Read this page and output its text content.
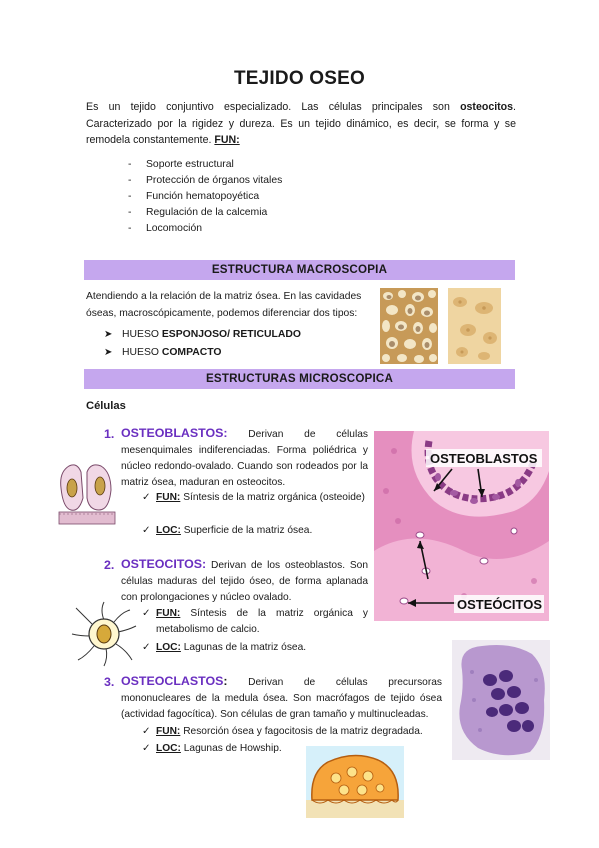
TEJIDO OSEO
Es un tejido conjuntivo especializado. Las células principales son osteocitos. Caracterizado por la rigidez y dureza. Es un tejido dinámico, es decir, se forma y se remodela constantemente. FUN:
- Soporte estructural
- Protección de órganos vitales
- Función hematopoyética
- Regulación de la calcemia
- Locomoción
ESTRUCTURA MACROSCOPIA
Atendiendo a la relación de la matriz ósea. En las cavidades óseas, macroscópicamente, podemos diferenciar dos tipos:
➤ HUESO ESPONJOSO/ RETICULADO
➤ HUESO COMPACTO
ESTRUCTURAS MICROSCOPICA
Células
1. OSTEOBLASTOS: Derivan de células mesenquimales indiferenciadas. Forma poliédrica y núcleo redondo-ovalado. Cuando son rodeados por la matriz ósea, maduran en osteocitos.
✓ FUN: Síntesis de la matriz orgánica (osteoide)
✓ LOC: Superficie de la matriz ósea.
OSTEOBLASTOS
OSTEÓCITOS
2. OSTEOCITOS: Derivan de los osteoblastos. Son células maduras del tejido óseo, de forma aplanada con prolongaciones y núcleo ovalado.
✓ FUN: Síntesis de la matriz orgánica y metabolismo de calcio.
✓ LOC: Lagunas de la matriz ósea.
3. OSTEOCLASTOS: Derivan de células precursoras mononucleares de la medula ósea. Son macrófagos de tejido ósea (actividad fagocítica). Son células de gran tamaño y multinucleadas.
✓ FUN: Resorción ósea y fagocitosis de la matriz degradada.
✓ LOC: Lagunas de Howship.
